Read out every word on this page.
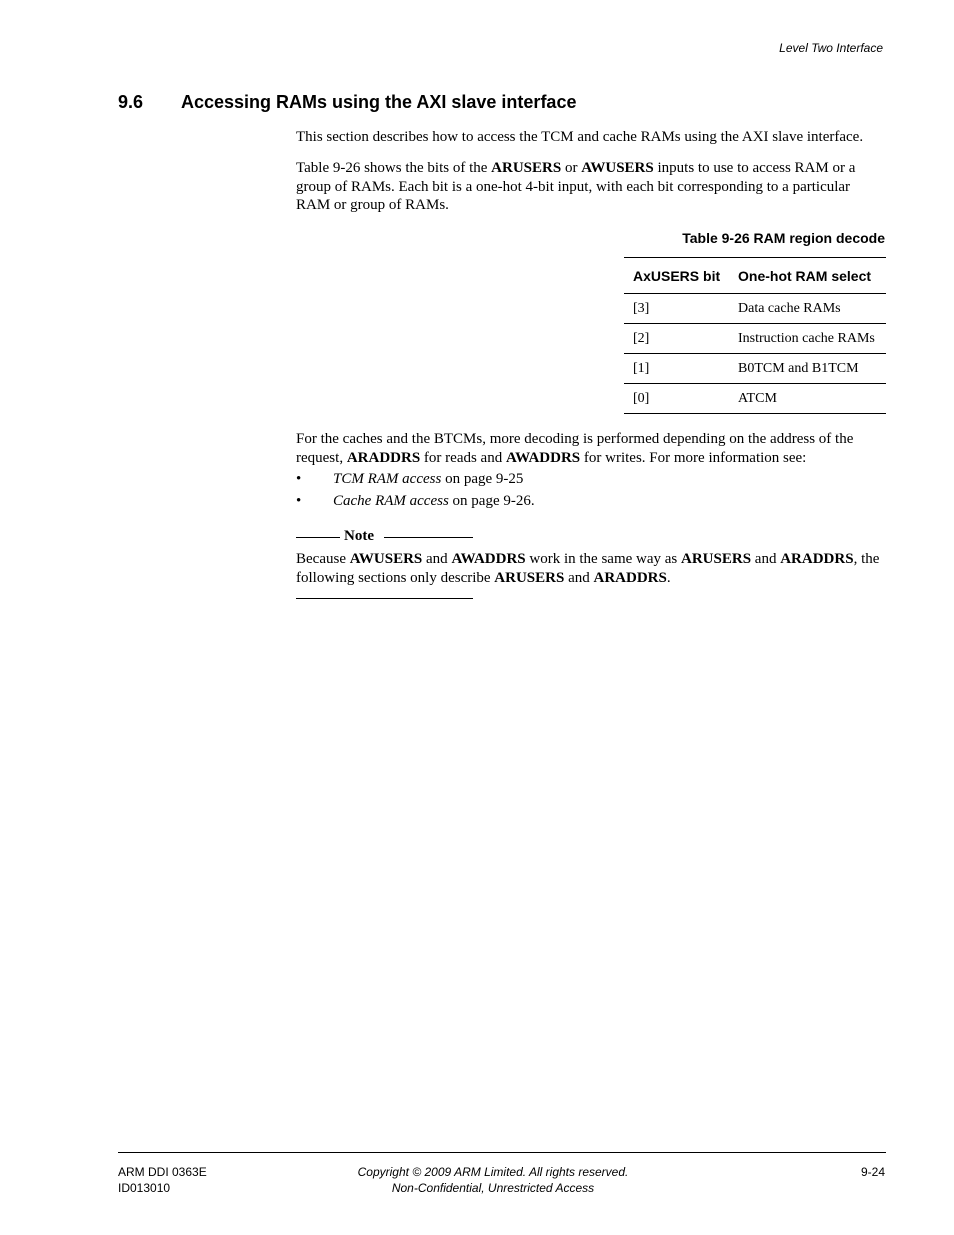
Level Two Interface
9.6 Accessing RAMs using the AXI slave interface
This section describes how to access the TCM and cache RAMs using the AXI slave interface.
Table 9-26 shows the bits of the ARUSERS or AWUSERS inputs to use to access RAM or a group of RAMs. Each bit is a one-hot 4-bit input, with each bit corresponding to a particular RAM or group of RAMs.
Table 9-26 RAM region decode
AxUSERS bit	One-hot RAM select
[3]	Data cache RAMs
[2]	Instruction cache RAMs
[1]	B0TCM and B1TCM
[0]	ATCM
For the caches and the BTCMs, more decoding is performed depending on the address of the request, ARADDRS for reads and AWADDRS for writes. For more information see:
• TCM RAM access on page 9-25
• Cache RAM access on page 9-26.
Note
Because AWUSERS and AWADDRS work in the same way as ARUSERS and ARADDRS, the following sections only describe ARUSERS and ARADDRS.
ARM DDI 0363E
ID013010
Copyright © 2009 ARM Limited. All rights reserved.
Non-Confidential, Unrestricted Access
9-24
